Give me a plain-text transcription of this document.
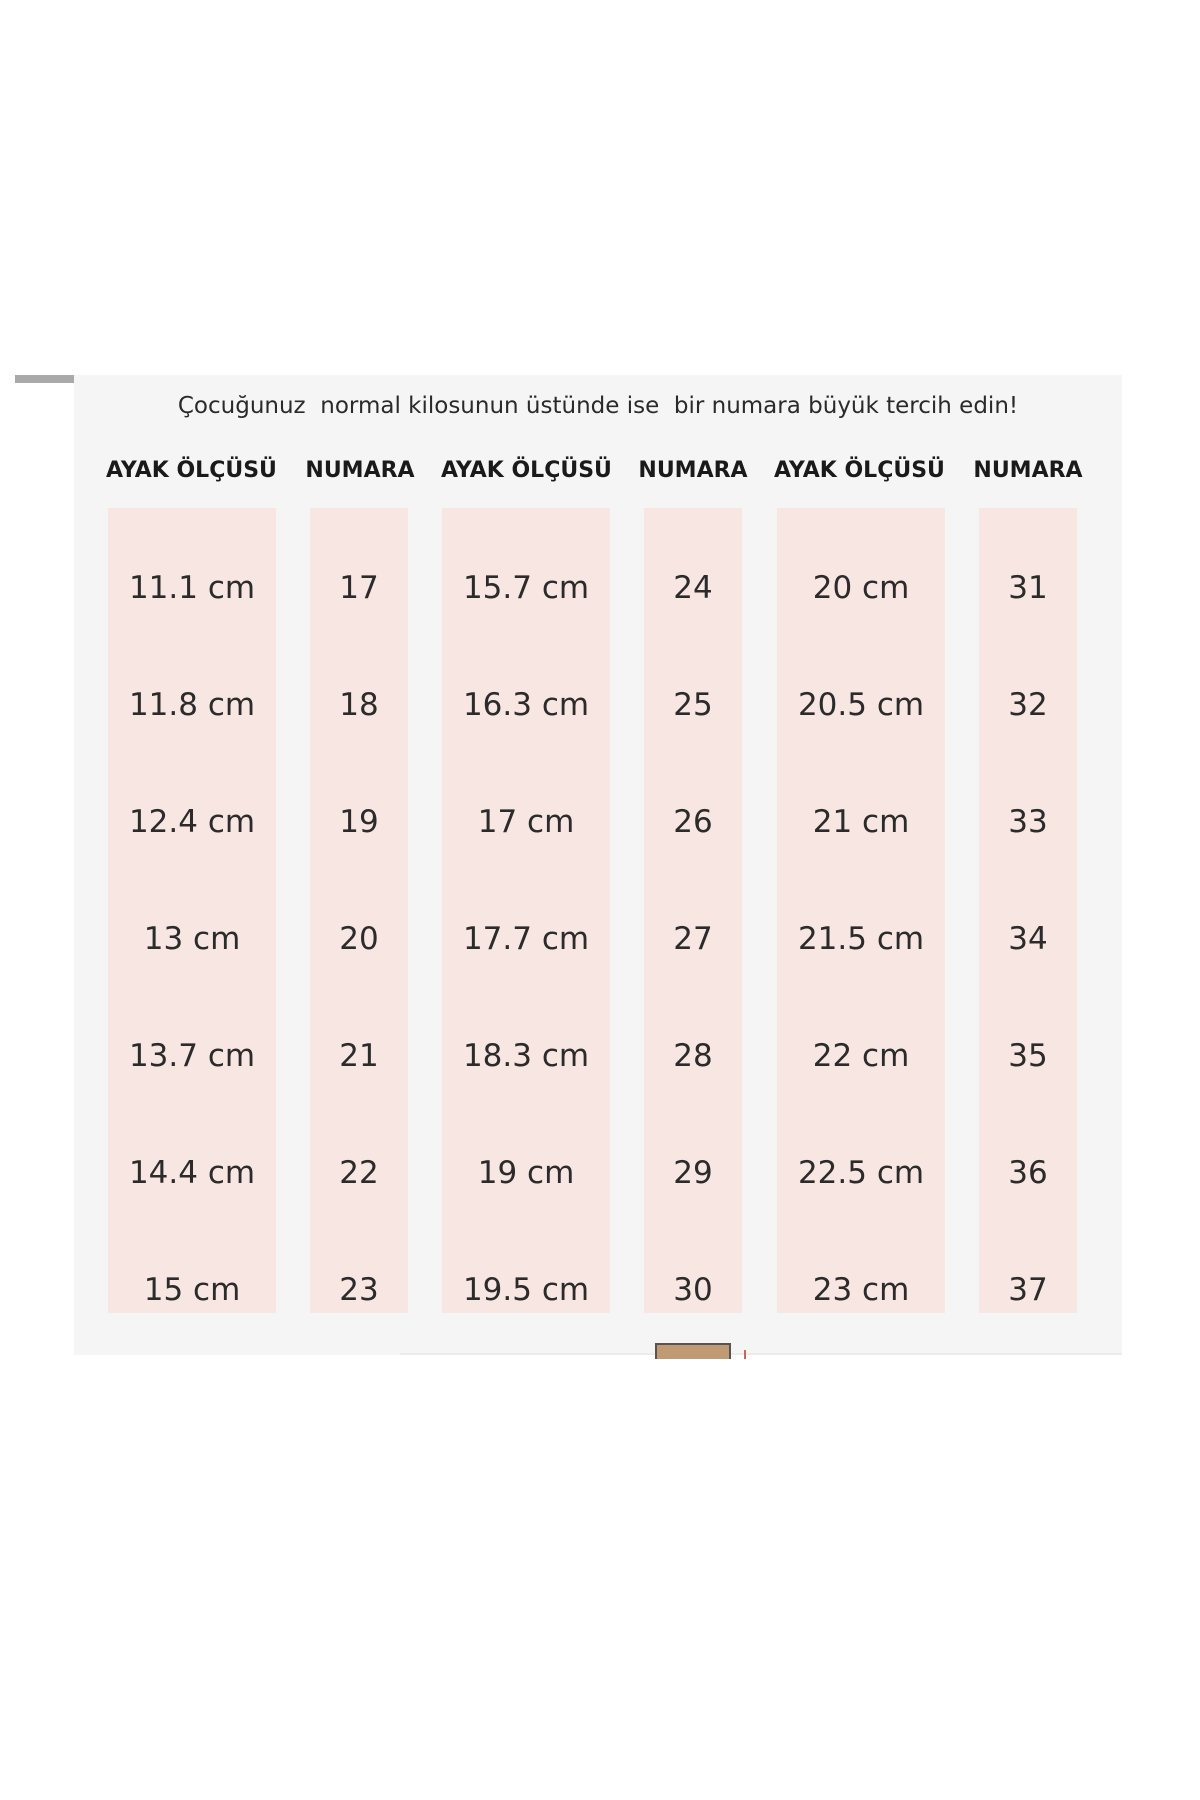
Çocuğunuz  normal kilosunun üstünde ise  bir numara büyük tercih edin!
AYAK ÖLÇÜSÜ NUMARA AYAK ÖLÇÜSÜ NUMARA AYAK ÖLÇÜSÜ NUMARA
11.1 cm
11.8 cm
12.4 cm
13 cm
13.7 cm
14.4 cm
15 cm
17
18
19
20
21
22
23
15.7 cm
16.3 cm
17 cm
17.7 cm
18.3 cm
19 cm
19.5 cm
24
25
26
27
28
29
30
20 cm
20.5 cm
21 cm
21.5 cm
22 cm
22.5 cm
23 cm
31
32
33
34
35
36
37
